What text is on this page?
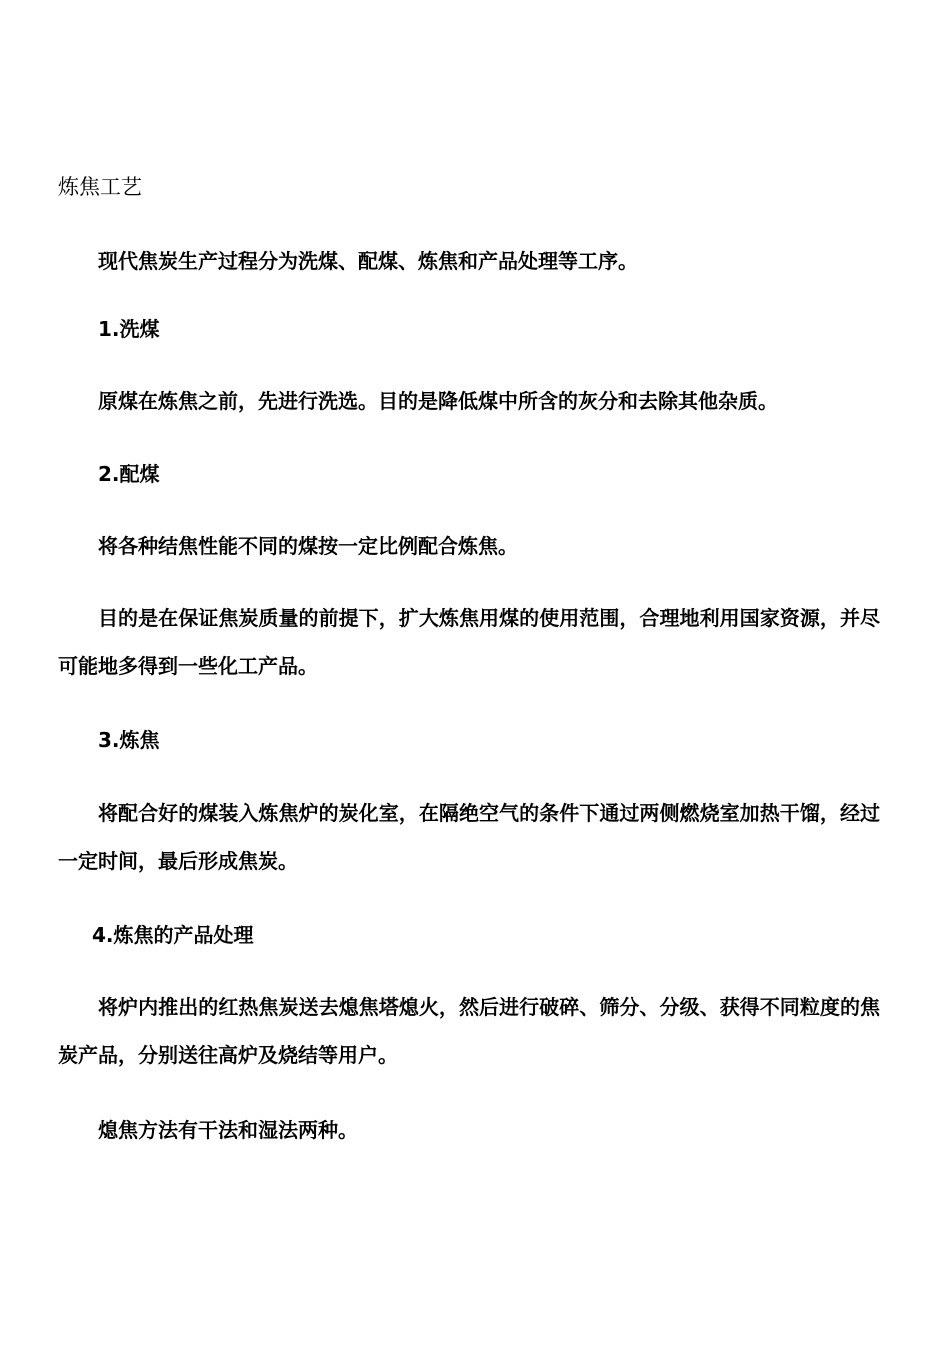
炼焦工艺

现代焦炭生产过程分为洗煤、配煤、炼焦和产品处理等工序。

1.洗煤

原煤在炼焦之前，先进行洗选。目的是降低煤中所含的灰分和去除其他杂质。

2.配煤

将各种结焦性能不同的煤按一定比例配合炼焦。

目的是在保证焦炭质量的前提下，扩大炼焦用煤的使用范围，合理地利用国家资源，并尽可能地多得到一些化工产品。

3.炼焦

将配合好的煤装入炼焦炉的炭化室，在隔绝空气的条件下通过两侧燃烧室加热干馏，经过一定时间，最后形成焦炭。

4.炼焦的产品处理

将炉内推出的红热焦炭送去熄焦塔熄火，然后进行破碎、筛分、分级、获得不同粒度的焦炭产品，分别送往高炉及烧结等用户。

熄焦方法有干法和湿法两种。
